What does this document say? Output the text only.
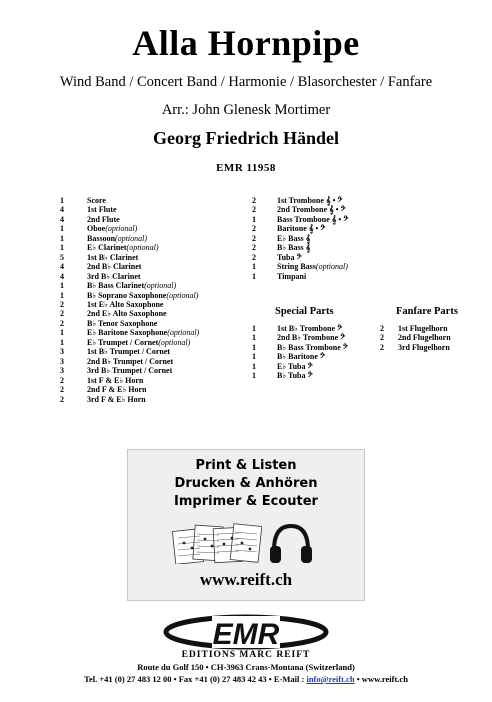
Alla Hornpipe
Wind Band / Concert Band / Harmonie / Blasorchester / Fanfare
Arr.: John Glenesk Mortimer
Georg Friedrich Händel
EMR 11958
1	Score
4	1st Flute
4	2nd Flute
1	Oboe (optional)
1	Bassoon (optional)
1	E♭ Clarinet (optional)
5	1st B♭ Clarinet
4	2nd B♭ Clarinet
4	3rd B♭ Clarinet
1	B♭ Bass Clarinet (optional)
1	B♭ Soprano Saxophone (optional)
2	1st E♭ Alto Saxophone
2	2nd E♭ Alto Saxophone
2	B♭ Tenor Saxophone
1	E♭ Baritone Saxophone (optional)
1	E♭ Trumpet / Cornet (optional)
3	1st B♭ Trumpet / Cornet
3	2nd B♭ Trumpet / Cornet
3	3rd B♭ Trumpet / Cornet
2	1st F & E♭ Horn
2	2nd F & E♭ Horn
2	3rd F & E♭ Horn
2	1st Trombone 𝄞 • 𝄢
2	2nd Trombone 𝄞 • 𝄢
1	Bass Trombone 𝄞 • 𝄢
2	Baritone 𝄞 • 𝄢
2	E♭ Bass 𝄞
2	B♭ Bass 𝄞
2	Tuba 𝄢
1	String Bass (optional)
1	Timpani
Special Parts	Fanfare Parts
1	1st B♭ Trombone 𝄢
1	2nd B♭ Trombone 𝄢
1	B♭ Bass Trombone 𝄢
1	B♭ Baritone 𝄢
1	E♭ Tuba 𝄢
1	B♭ Tuba 𝄢
2	1st Flugelhorn
2	2nd Flugelhorn
2	3rd Flugelhorn
Print & Listen
Drucken & Anhören
Imprimer & Ecouter
www.reift.ch
EMR
EDITIONS MARC REIFT
Route du Golf 150 • CH-3963 Crans-Montana (Switzerland)
Tel. +41 (0) 27 483 12 00 • Fax +41 (0) 27 483 42 43 • E-Mail : info@reift.ch • www.reift.ch
